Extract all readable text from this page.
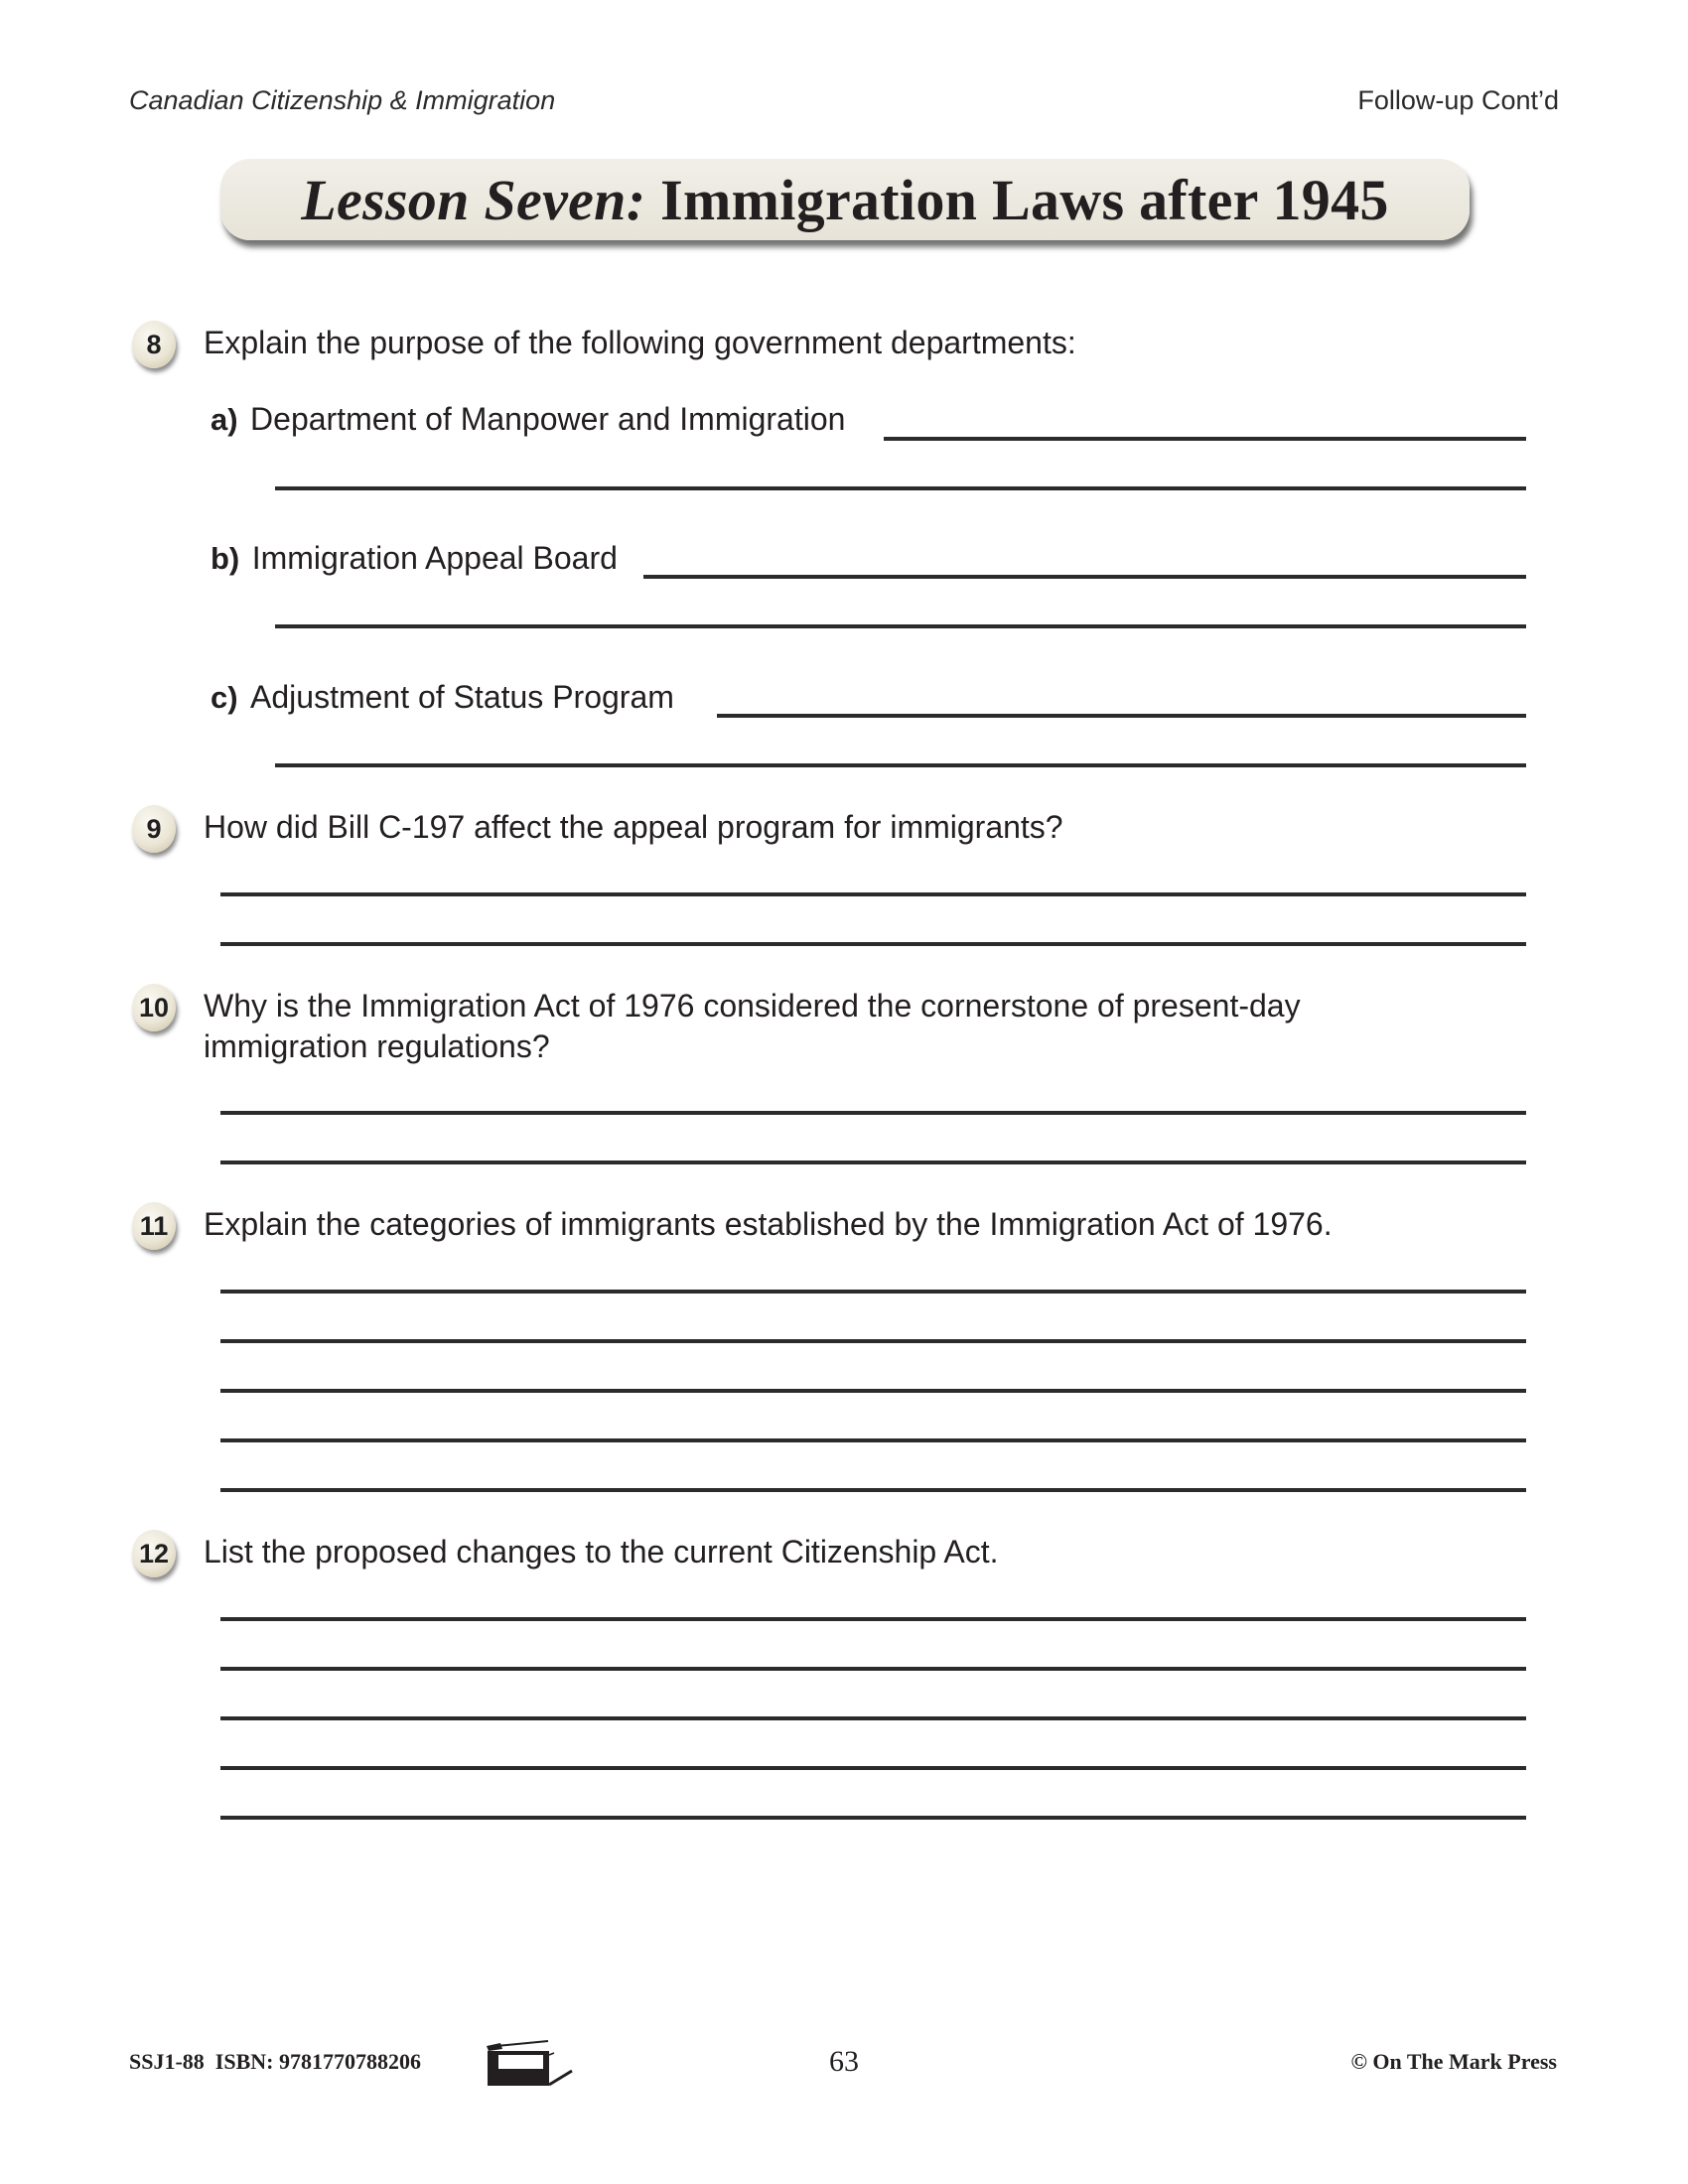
Canadian Citizenship & Immigration	Follow-up Cont’d
Lesson Seven: Immigration Laws after 1945
8	Explain the purpose of the following government departments:
a) Department of Manpower and Immigration
b) Immigration Appeal Board
c) Adjustment of Status Program
9	How did Bill C-197 affect the appeal program for immigrants?
10 Why is the Immigration Act of 1976 considered the cornerstone of present-day
immigration regulations?
11 Explain the categories of immigrants established by the Immigration Act of 1976.
12 List the proposed changes to the current Citizenship Act.
SSJ1-88  ISBN: 9781770788206	63	© On The Mark Press
